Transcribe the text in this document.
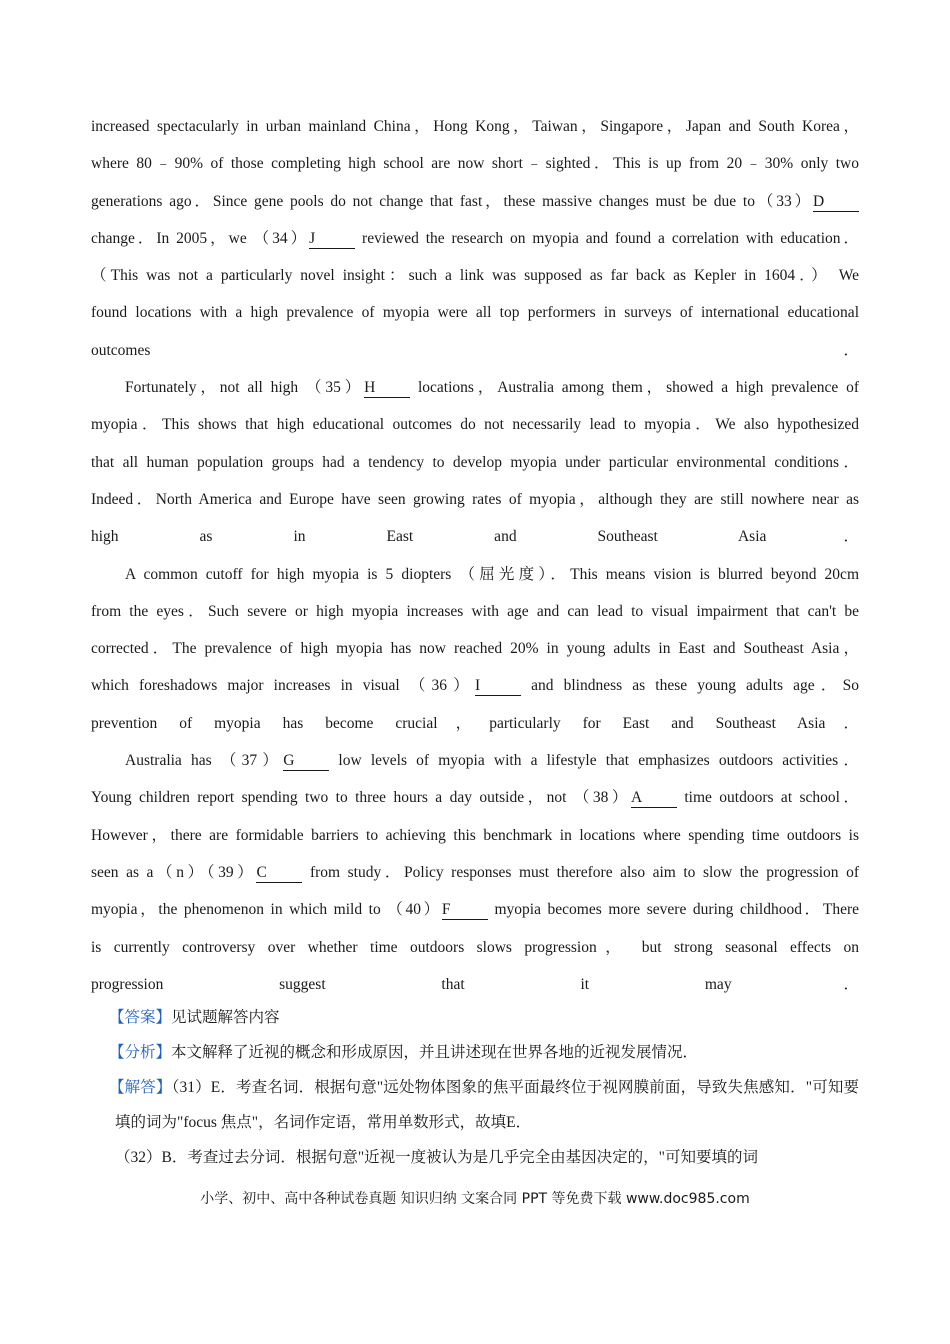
increased spectacularly in urban mainland China，Hong Kong，Taiwan，Singapore，Japan and South Korea，
where 80﹣90% of those completing high school are now short﹣sighted．This is up from 20﹣30% only two
generations ago．Since gene pools do not change that fast，these massive changes must be due to（33）D
change．In 2005，we （34）J	reviewed the research on myopia and found a correlation with education．
（This was not a particularly novel insight：such a link was supposed as far back as Kepler in 1604．） We
found locations with a high prevalence of myopia were all top performers in surveys of international educational
outcomes．

Fortunately，not all high （35）H	locations，Australia among them，showed a high prevalence of
myopia．This shows that high educational outcomes do not necessarily lead to myopia．We also hypothesized
that all human population groups had a tendency to develop myopia under particular environmental conditions．
Indeed．North America and Europe have seen growing rates of myopia，although they are still nowhere near as
high as in East and Southeast Asia．

A common cutoff for high myopia is 5 diopters （屈光度）．This means vision is blurred beyond 20cm
from the eyes．Such severe or high myopia increases with age and can lead to visual impairment that can't be
corrected．The prevalence of high myopia has now reached 20% in young adults in East and Southeast Asia，
which foreshadows major increases in visual （36）I	and blindness as these young adults age．So
prevention of myopia has become crucial，particularly for East and Southeast Asia．

Australia has （37）G	low levels of myopia with a lifestyle that emphasizes outdoors activities．
Young children report spending two to three hours a day outside，not （38）A	time outdoors at school．
However，there are formidable barriers to achieving this benchmark in locations where spending time outdoors is
seen as a（n）（39）C	from study．Policy responses must therefore also aim to slow the progression of
myopia，the phenomenon in which mild to （40）F	myopia becomes more severe during childhood．There
is currently controversy over whether time outdoors slows progression， but strong seasonal effects on
progression suggest that it may．

【答案】见试题解答内容

【分析】本文解释了近视的概念和形成原因，并且讲述现在世界各地的近视发展情况．

【解答】（31）E．考查名词．根据句意"远处物体图象的焦平面最终位于视网膜前面，导致失焦感知．"可知要填的词为"focus 焦点"，名词作定语，常用单数形式，故填E．

（32）B．考查过去分词．根据句意"近视一度被认为是几乎完全由基因决定的，"可知要填的词

小学、初中、高中各种试卷真题 知识归纳 文案合同 PPT 等免费下载 www.doc985.com
